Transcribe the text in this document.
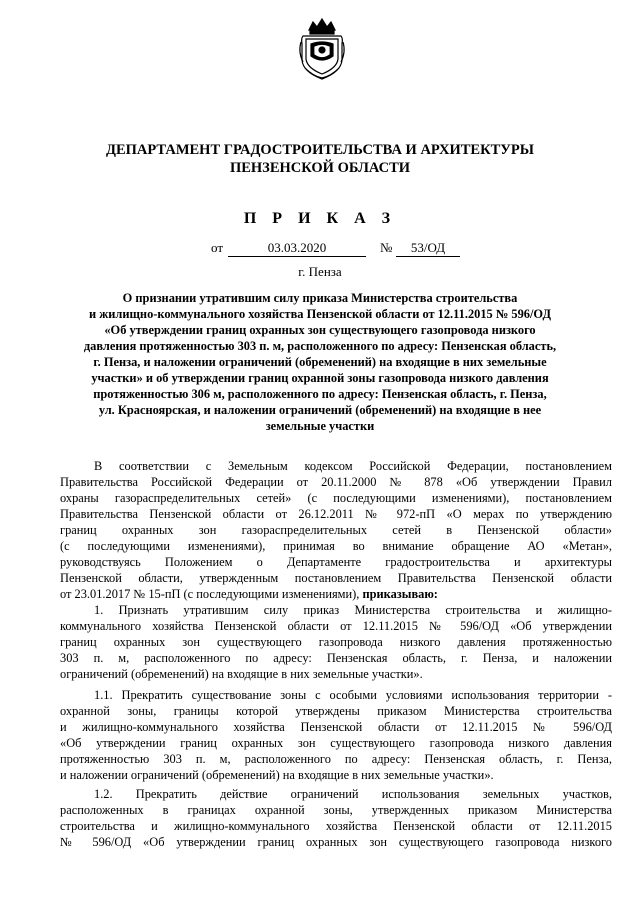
ДЕПАРТАМЕНТ ГРАДОСТРОИТЕЛЬСТВА И АРХИТЕКТУРЫ
ПЕНЗЕНСКОЙ ОБЛАСТИ
П Р И К А З
от	03.03.2020	№	53/ОД
г. Пенза
О признании утратившим силу приказа Министерства строительства
и жилищно-коммунального хозяйства Пензенской области от 12.11.2015 № 596/ОД
«Об утверждении границ охранных зон существующего газопровода низкого
давления протяженностью 303 п. м, расположенного по адресу: Пензенская область,
г. Пенза, и наложении ограничений (обременений) на входящие в них земельные
участки» и об утверждении границ охранной зоны газопровода низкого давления
протяженностью 306 м, расположенного по адресу: Пензенская область, г. Пенза,
ул. Красноярская, и наложении ограничений (обременений) на входящие в нее
земельные участки
В соответствии с Земельным кодексом Российской Федерации, постановлением
Правительства Российской Федерации от 20.11.2000 № 878 «Об утверждении Правил
охраны газораспределительных сетей» (с последующими изменениями), постановлением
Правительства Пензенской области от 26.12.2011 № 972-пП «О мерах по утверждению
границ охранных зон газораспределительных сетей в Пензенской области»
(с последующими изменениями), принимая во внимание обращение АО «Метан»,
руководствуясь Положением о Департаменте градостроительства и архитектуры
Пензенской области, утвержденным постановлением Правительства Пензенской области
от 23.01.2017 № 15-пП (с последующими изменениями), приказываю:
1. Признать утратившим силу приказ Министерства строительства и жилищно-
коммунального хозяйства Пензенской области от 12.11.2015 № 596/ОД «Об утверждении
границ охранных зон существующего газопровода низкого давления протяженностью
303 п. м, расположенного по адресу: Пензенская область, г. Пенза, и наложении
ограничений (обременений) на входящие в них земельные участки».
1.1. Прекратить существование зоны с особыми условиями использования территории -
охранной зоны, границы которой утверждены приказом Министерства строительства
и жилищно-коммунального хозяйства Пензенской области от 12.11.2015 № 596/ОД
«Об утверждении границ охранных зон существующего газопровода низкого давления
протяженностью 303 п. м, расположенного по адресу: Пензенская область, г. Пенза,
и наложении ограничений (обременений) на входящие в них земельные участки».
1.2. Прекратить действие ограничений использования земельных участков,
расположенных в границах охранной зоны, утвержденных приказом Министерства
строительства и жилищно-коммунального хозяйства Пензенской области от 12.11.2015
№ 596/ОД «Об утверждении границ охранных зон существующего газопровода низкого
